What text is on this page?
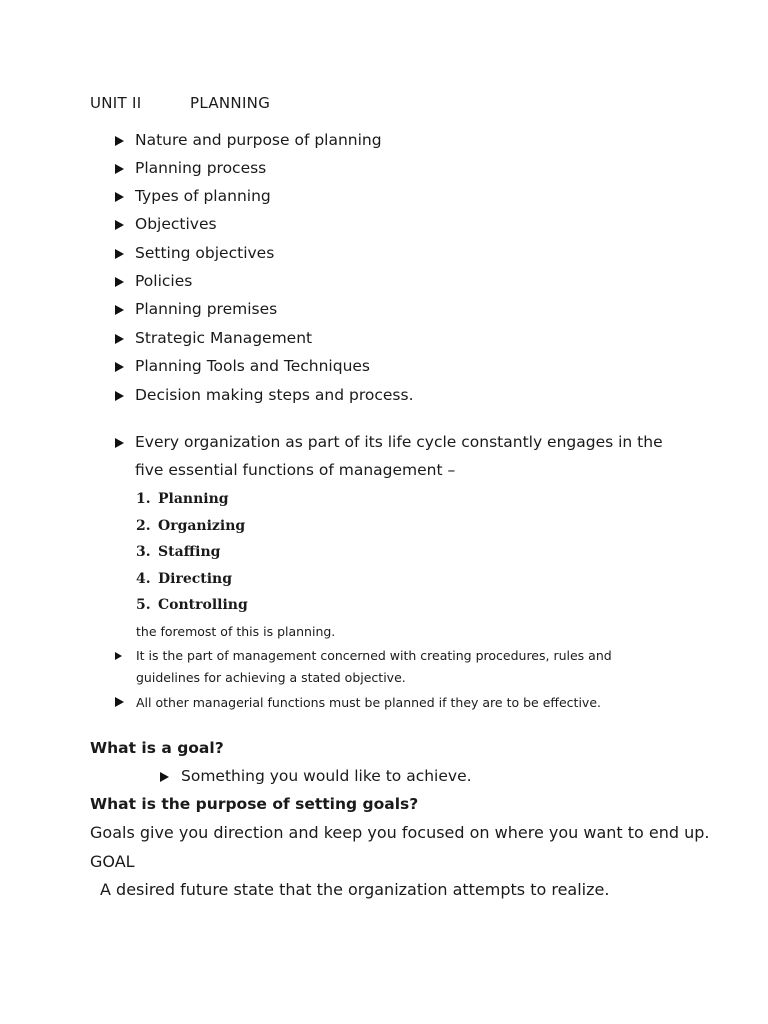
UNIT II	PLANNING
Nature and purpose of planning
Planning process
Types of planning
Objectives
Setting objectives
Policies
Planning premises
Strategic Management
Planning Tools and Techniques
Decision making steps and process.
Every organization as part of its life cycle constantly engages in the
five essential functions of management –
1. Planning
2. Organizing
3. Staffing
4. Directing
5. Controlling
the foremost of this is planning.
It is the part of management concerned with creating procedures, rules and
guidelines for achieving a stated objective.
All other managerial functions must be planned if they are to be effective.
What is a goal?
Something you would like to achieve.
What is the purpose of setting goals?
Goals give you direction and keep you focused on where you want to end up.
GOAL
A desired future state that the organization attempts to realize.
